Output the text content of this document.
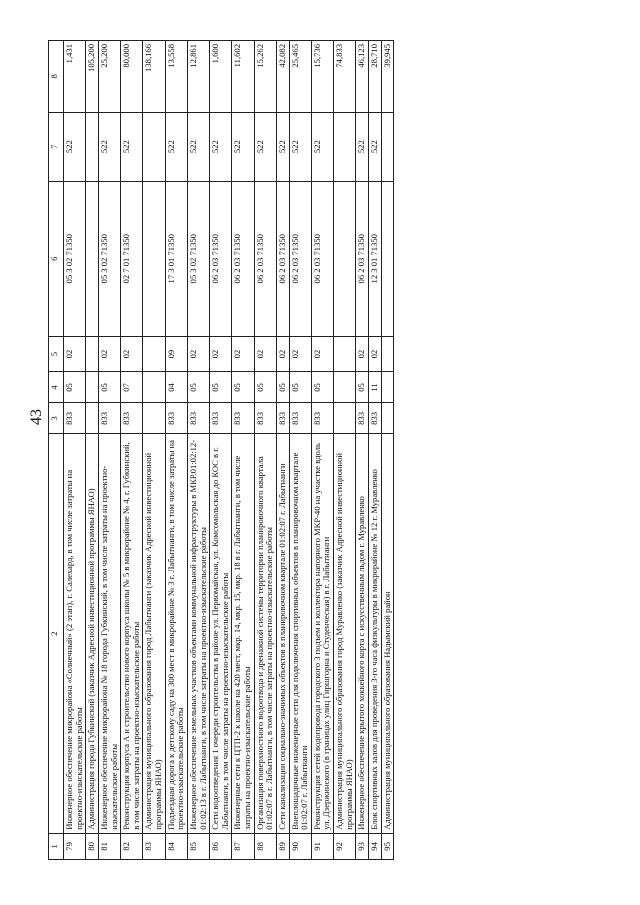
43
1	2	3	4	5	6	7	8
79	Инженерное обеспечение микрорайона «Солнечный» (2 этап), г. Салехард, в том числе затраты на проектно-изыскательские работы	833	05	02	05 3 02 71350	522	1,431
80	Администрация города Губкинский (заказчик Адресной инвестиционной программы ЯНАО)						105,200
81	Инженерное обеспечение микрорайона № 18 города Губкинский, в том числе затраты на проектно-изыскательские работы	833	05	02	05 3 02 71350	522	25,200
82	Реконструкция корпуса А и строительство нового корпуса школы № 5 в микрорайоне № 4, г. Губкинский, в том числе затраты на проектно-изыскательские работы	833	07	02	02 7 01 71350	522	80,000
83	Администрация муниципального образования город Лабытнанги (заказчик Адресной инвестиционной программы ЯНАО)						138,166
84	Подъездная дорога к детскому саду на 300 мест в микрорайоне № 3 г. Лабытнанги, в том числе затраты на проектно-изыскательские работы	833	04	09	17 3 01 71350	522	13,558
85	Инженерное обеспечение земельных участков объектами коммунальной инфраструктуры в МКР.01:02:12-01:02:13 в г. Лабытнанги, в том числе затраты на проектно-изыскательские работы	833	05	02	05 3 02 71350	522	12,861
86	Сети водоотведения 1 очереди строительства в районе ул. Первомайская, ул. Комсомольская до КОС в г. Лабытнанги, в том числе затраты на проектно-изыскательские работы	833	05	02	06 2 03 71350	522	1,600
87	Инженерные сети к ЦТП-2 к школе на 420 мест, мкр. 14, мкр. 15, мкр. 18 в г. Лабытнанги, в том числе затраты на проектно-изыскательские работы	833	05	02	06 2 03 71350	522	11,602
88	Организация поверхностного водоотвода и дренажной системы территории планировочного квартала 01:02:07 в г. Лабытнанги, в том числе затраты на проектно-изыскательские работы	833	05	02	06 2 03 71350	522	15,262
89	Сети канализации социально-значимых объектов в планировочном квартале 01:02:07 г. Лабытнанги	833	05	02	06 2 03 71350	522	42,082
90	Внеплощадочные инженерные сети для подключения спортивных объектов в планировочном квартале 01:02:07 г. Лабытнанги	833	05	02	06 2 03 71350	522	25,465
91	Реконструкция сетей водопровода городского 3 подъем и коллектора напорного МКР-40 на участке вдоль ул. Дзержинского (в границах улиц Гиршгорна и Студенческая) в г. Лабытнанги	833	05	02	06 2 03 71350	522	15,736
92	Администрация муниципального образования город Муравленко (заказчик Адресной инвестиционной программы ЯНАО)						74,833
93	Инженерное обеспечение крытого хоккейного корта с искусственным льдом г. Муравленко	833	05	02	06 2 03 71350	522	46,123
94	Блок спортивных залов для проведения 3-го часа физкультуры в микрорайоне № 12 г. Муравленко	833	11	02	12 3 01 71350	522	28,710
95	Администрация муниципального образования Надымский район						39,945
